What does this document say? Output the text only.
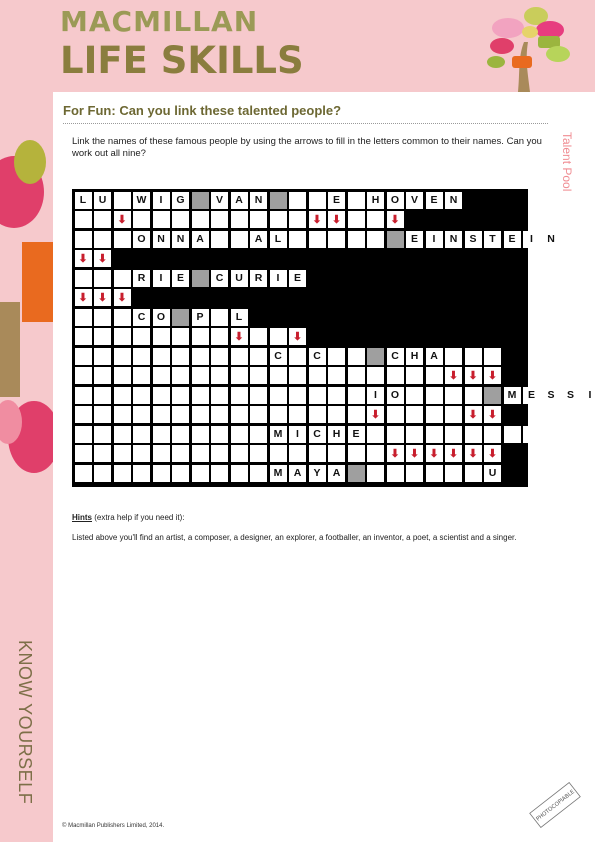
MACMILLAN
LIFE SKILLS
For Fun: Can you link these talented people?
Talent Pool
KNOW YOURSELF
Link the names of these famous people by using the arrows to fill in the letters common to their names. Can you work out all nine?
L	U	W	I	G	V	A	N	E	H	O	V	E	N
⬇	⬇ ⬇	⬇
O	N	N	A	A	L	E	I	N	S	T	E	I	N
⬇ ⬇
R	I	E	C	U	R	I	E
⬇ ⬇ ⬇
C	O	P	L
⬇	⬇
C	C	C	H	A
⬇ ⬇ ⬇
I	O	M	E	S	S	I
⬇	⬇ ⬇
M	I	C	H	E
⬇ ⬇ ⬇ ⬇ ⬇ ⬇
M	A	Y	A	U
Hints (extra help if you need it):
Listed above you'll find an artist, a composer, a designer, an explorer, a footballer, an inventor, a poet, a scientist and a singer.
© Macmillan Publishers Limited, 2014.
PHOTOCOPIABLE
